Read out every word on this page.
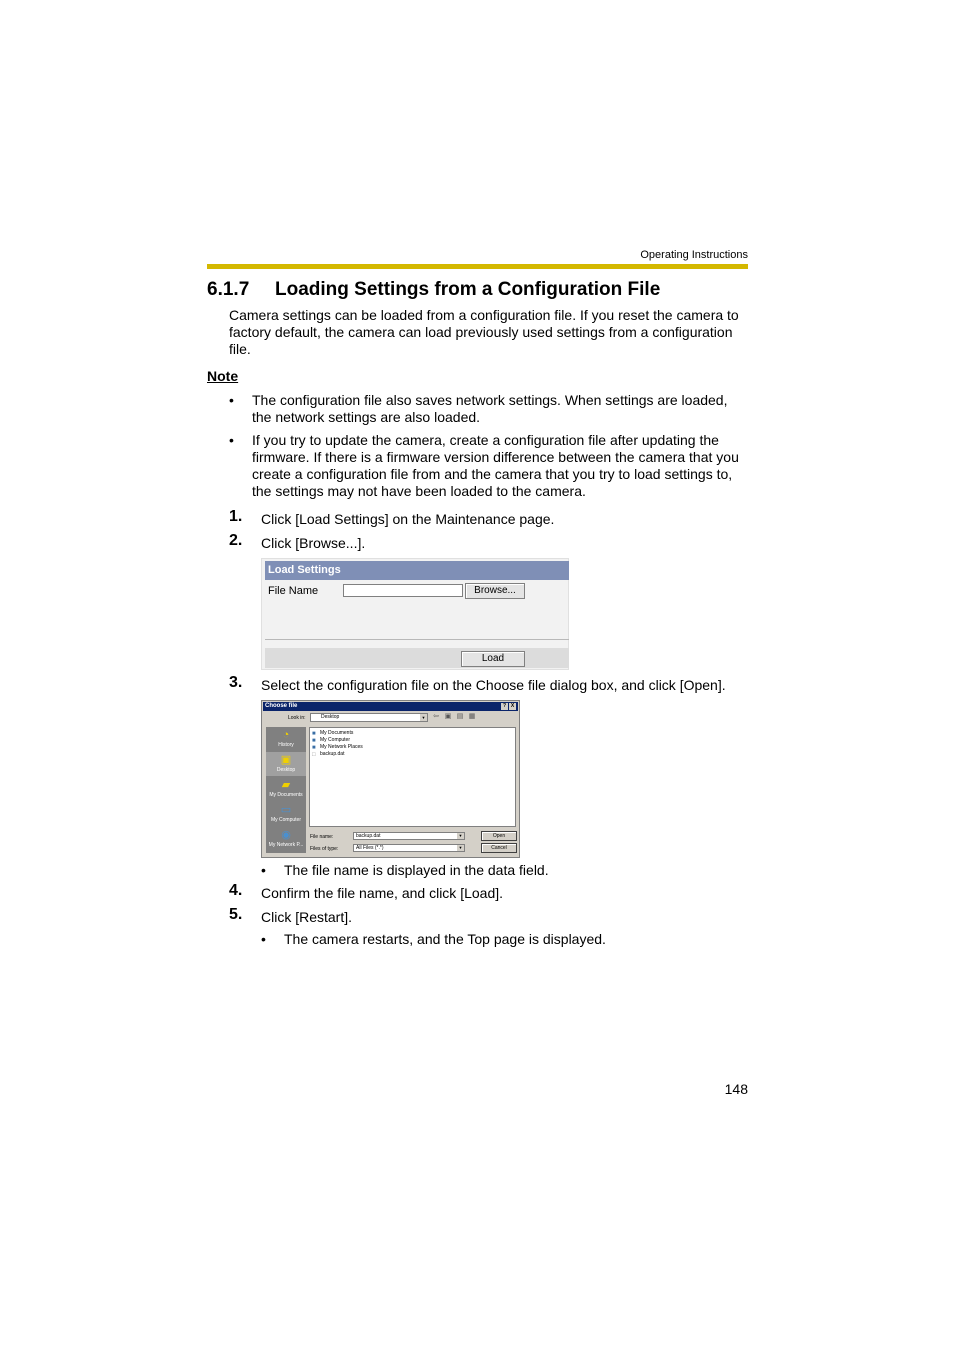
Operating Instructions
6.1.7 Loading Settings from a Configuration File
Camera settings can be loaded from a configuration file. If you reset the camera to factory default, the camera can load previously used settings from a configuration file.
Note
• The configuration file also saves network settings. When settings are loaded, the network settings are also loaded.
• If you try to update the camera, create a configuration file after updating the firmware. If there is a firmware version difference between the camera that you create a configuration file from and the camera that you try to load settings to, the settings may not have been loaded to the camera.
1. Click [Load Settings] on the Maintenance page.
2. Click [Browse...].
Load Settings
File Name	Browse...
Load
3. Select the configuration file on the Choose file dialog box, and click [Open].
Choose file	? X
Look in:	Desktop	▼ ⇦ ▣ ▤ ▦
◔
History
▣
Desktop
▰
My Documents
▭
My Computer
◉
My Network P...
■ My Documents
■ My Computer
■ My Network Places
□ backup.dat
File name:	backup.dat	▼
Files of type:	All Files (*.*)	▼
Open
Cancel
• The file name is displayed in the data field.
4. Confirm the file name, and click [Load].
5. Click [Restart].
• The camera restarts, and the Top page is displayed.
148
